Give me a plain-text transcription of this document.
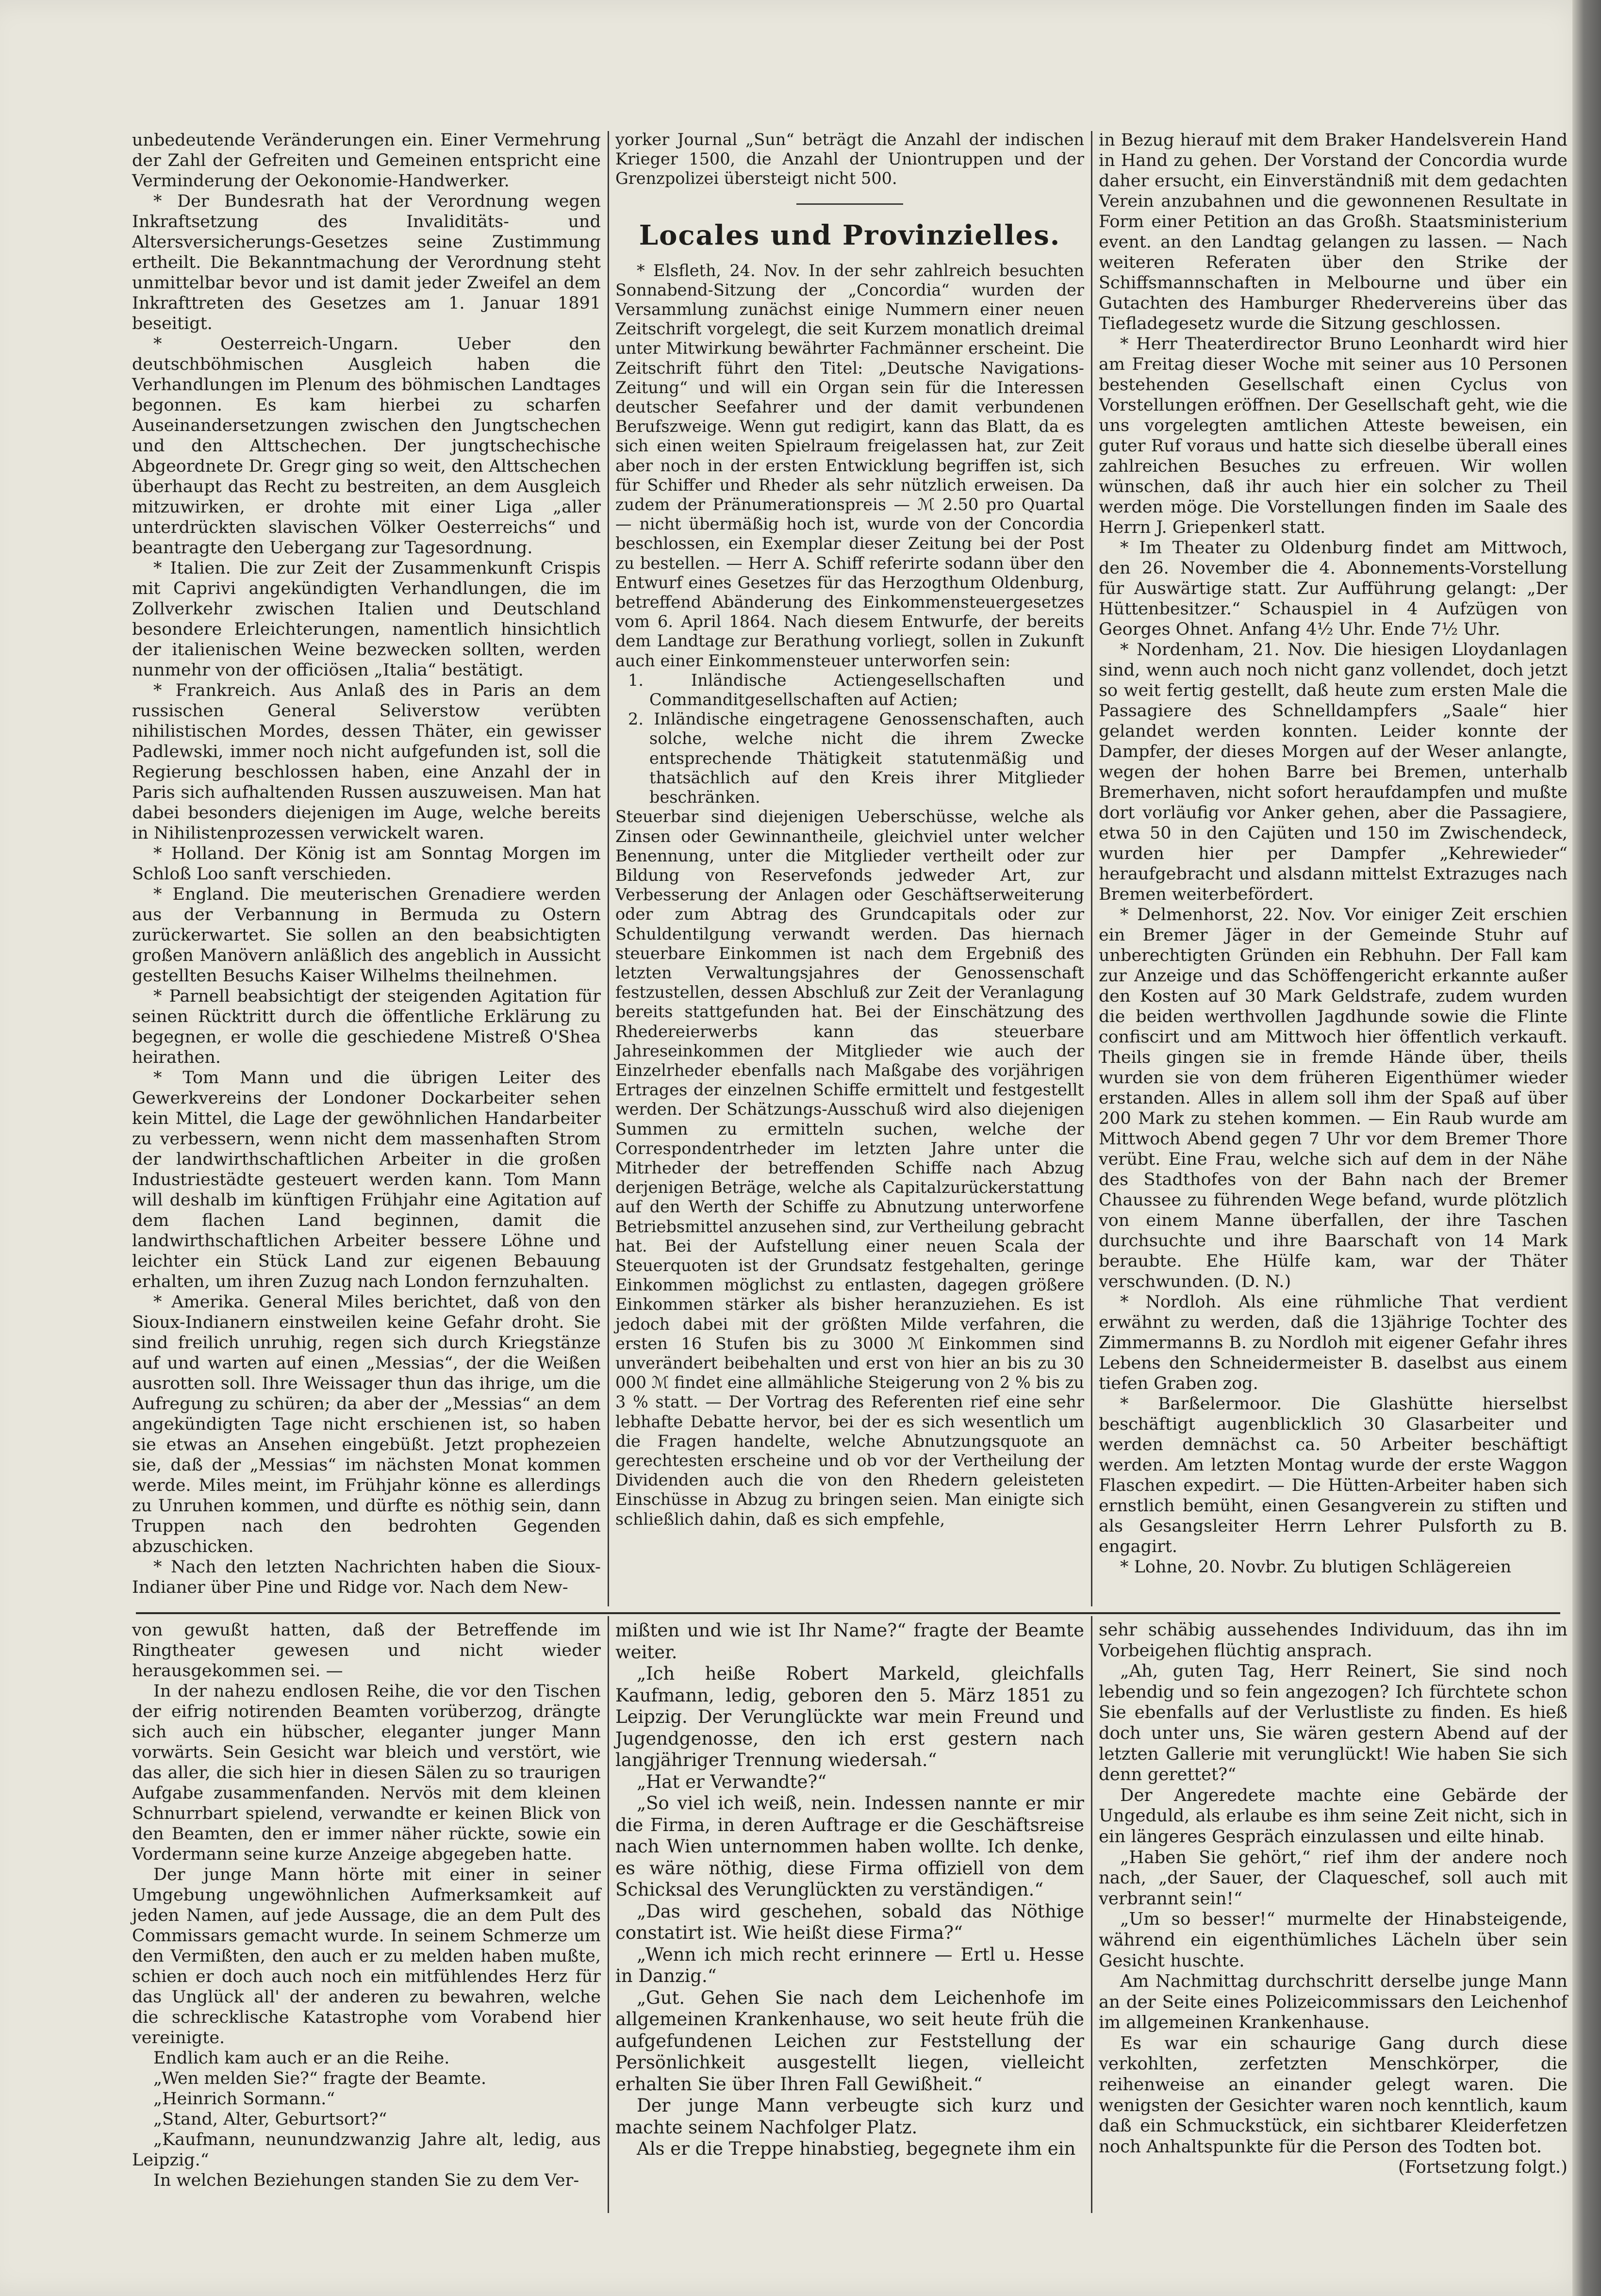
unbedeutende Veränderungen ein. Einer Vermehrung der Zahl der Gefreiten und Gemeinen entspricht eine Verminderung der Oekonomie-Handwerker.

* Der Bundesrath hat der Verordnung wegen Inkraftsetzung des Invaliditäts- und Altersversicherungs-Gesetzes seine Zustimmung ertheilt. Die Bekanntmachung der Verordnung steht unmittelbar bevor und ist damit jeder Zweifel an dem Inkrafttreten des Gesetzes am 1. Januar 1891 beseitigt.

* Oesterreich-Ungarn. Ueber den deutschböhmischen Ausgleich haben die Verhandlungen im Plenum des böhmischen Landtages begonnen. Es kam hierbei zu scharfen Auseinandersetzungen zwischen den Jungtschechen und den Alttschechen. Der jungtschechische Abgeordnete Dr. Gregr ging so weit, den Alttschechen überhaupt das Recht zu bestreiten, an dem Ausgleich mitzuwirken, er drohte mit einer Liga „aller unterdrückten slavischen Völker Oesterreichs“ und beantragte den Uebergang zur Tagesordnung.

* Italien. Die zur Zeit der Zusammenkunft Crispis mit Caprivi angekündigten Verhandlungen, die im Zollverkehr zwischen Italien und Deutschland besondere Erleichterungen, namentlich hinsichtlich der italienischen Weine bezwecken sollten, werden nunmehr von der officiösen „Italia“ bestätigt.

* Frankreich. Aus Anlaß des in Paris an dem russischen General Seliverstow verübten nihilistischen Mordes, dessen Thäter, ein gewisser Padlewski, immer noch nicht aufgefunden ist, soll die Regierung beschlossen haben, eine Anzahl der in Paris sich aufhaltenden Russen auszuweisen. Man hat dabei besonders diejenigen im Auge, welche bereits in Nihilistenprozessen verwickelt waren.

* Holland. Der König ist am Sonntag Morgen im Schloß Loo sanft verschieden.

* England. Die meuterischen Grenadiere werden aus der Verbannung in Bermuda zu Ostern zurückerwartet. Sie sollen an den beabsichtigten großen Manövern anläßlich des angeblich in Aussicht gestellten Besuchs Kaiser Wilhelms theilnehmen.

* Parnell beabsichtigt der steigenden Agitation für seinen Rücktritt durch die öffentliche Erklärung zu begegnen, er wolle die geschiedene Mistreß O'Shea heirathen.

* Tom Mann und die übrigen Leiter des Gewerkvereins der Londoner Dockarbeiter sehen kein Mittel, die Lage der gewöhnlichen Handarbeiter zu verbessern, wenn nicht dem massenhaften Strom der landwirthschaftlichen Arbeiter in die großen Industriestädte gesteuert werden kann. Tom Mann will deshalb im künftigen Frühjahr eine Agitation auf dem flachen Land beginnen, damit die landwirthschaftlichen Arbeiter bessere Löhne und leichter ein Stück Land zur eigenen Bebauung erhalten, um ihren Zuzug nach London fernzuhalten.

* Amerika. General Miles berichtet, daß von den Sioux-Indianern einstweilen keine Gefahr droht. Sie sind freilich unruhig, regen sich durch Kriegstänze auf und warten auf einen „Messias“, der die Weißen ausrotten soll. Ihre Weissager thun das ihrige, um die Aufregung zu schüren; da aber der „Messias“ an dem angekündigten Tage nicht erschienen ist, so haben sie etwas an Ansehen eingebüßt. Jetzt prophezeien sie, daß der „Messias“ im nächsten Monat kommen werde. Miles meint, im Frühjahr könne es allerdings zu Unruhen kommen, und dürfte es nöthig sein, dann Truppen nach den bedrohten Gegenden abzuschicken.

* Nach den letzten Nachrichten haben die Sioux-Indianer über Pine und Ridge vor. Nach dem New-

yorker Journal „Sun“ beträgt die Anzahl der indischen Krieger 1500, die Anzahl der Uniontruppen und der Grenzpolizei übersteigt nicht 500.

Locales und Provinzielles.

* Elsfleth, 24. Nov. In der sehr zahlreich besuchten Sonnabend-Sitzung der „Concordia“ wurden der Versammlung zunächst einige Nummern einer neuen Zeitschrift vorgelegt, die seit Kurzem monatlich dreimal unter Mitwirkung bewährter Fachmänner erscheint. Die Zeitschrift führt den Titel: „Deutsche Navigations-Zeitung“ und will ein Organ sein für die Interessen deutscher Seefahrer und der damit verbundenen Berufszweige. Wenn gut redigirt, kann das Blatt, da es sich einen weiten Spielraum freigelassen hat, zur Zeit aber noch in der ersten Entwicklung begriffen ist, sich für Schiffer und Rheder als sehr nützlich erweisen. Da zudem der Pränumerationspreis — ℳ 2.50 pro Quartal — nicht übermäßig hoch ist, wurde von der Concordia beschlossen, ein Exemplar dieser Zeitung bei der Post zu bestellen. — Herr A. Schiff referirte sodann über den Entwurf eines Gesetzes für das Herzogthum Oldenburg, betreffend Abänderung des Einkommensteuergesetzes vom 6. April 1864. Nach diesem Entwurfe, der bereits dem Landtage zur Berathung vorliegt, sollen in Zukunft auch einer Einkommensteuer unterworfen sein:

1. Inländische Actiengesellschaften und Commanditgesellschaften auf Actien;
2. Inländische eingetragene Genossenschaften, auch solche, welche nicht die ihrem Zwecke entsprechende Thätigkeit statutenmäßig und thatsächlich auf den Kreis ihrer Mitglieder beschränken.

Steuerbar sind diejenigen Ueberschüsse, welche als Zinsen oder Gewinnantheile, gleichviel unter welcher Benennung, unter die Mitglieder vertheilt oder zur Bildung von Reservefonds jedweder Art, zur Verbesserung der Anlagen oder Geschäftserweiterung oder zum Abtrag des Grundcapitals oder zur Schuldentilgung verwandt werden. Das hiernach steuerbare Einkommen ist nach dem Ergebniß des letzten Verwaltungsjahres der Genossenschaft festzustellen, dessen Abschluß zur Zeit der Veranlagung bereits stattgefunden hat. Bei der Einschätzung des Rhedereierwerbs kann das steuerbare Jahreseinkommen der Mitglieder wie auch der Einzelrheder ebenfalls nach Maßgabe des vorjährigen Ertrages der einzelnen Schiffe ermittelt und festgestellt werden. Der Schätzungs-Ausschuß wird also diejenigen Summen zu ermitteln suchen, welche der Correspondentrheder im letzten Jahre unter die Mitrheder der betreffenden Schiffe nach Abzug derjenigen Beträge, welche als Capitalzurückerstattung auf den Werth der Schiffe zu Abnutzung unterworfene Betriebsmittel anzusehen sind, zur Vertheilung gebracht hat. Bei der Aufstellung einer neuen Scala der Steuerquoten ist der Grundsatz festgehalten, geringe Einkommen möglichst zu entlasten, dagegen größere Einkommen stärker als bisher heranzuziehen. Es ist jedoch dabei mit der größten Milde verfahren, die ersten 16 Stufen bis zu 3000 ℳ Einkommen sind unverändert beibehalten und erst von hier an bis zu 30 000 ℳ findet eine allmähliche Steigerung von 2 % bis zu 3 % statt. — Der Vortrag des Referenten rief eine sehr lebhafte Debatte hervor, bei der es sich wesentlich um die Fragen handelte, welche Abnutzungsquote an gerechtesten erscheine und ob vor der Vertheilung der Dividenden auch die von den Rhedern geleisteten Einschüsse in Abzug zu bringen seien. Man einigte sich schließlich dahin, daß es sich empfehle,

in Bezug hierauf mit dem Braker Handelsverein Hand in Hand zu gehen. Der Vorstand der Concordia wurde daher ersucht, ein Einverständniß mit dem gedachten Verein anzubahnen und die gewonnenen Resultate in Form einer Petition an das Großh. Staatsministerium event. an den Landtag gelangen zu lassen. — Nach weiteren Referaten über den Strike der Schiffsmannschaften in Melbourne und über ein Gutachten des Hamburger Rhedervereins über das Tiefladegesetz wurde die Sitzung geschlossen.

* Herr Theaterdirector Bruno Leonhardt wird hier am Freitag dieser Woche mit seiner aus 10 Personen bestehenden Gesellschaft einen Cyclus von Vorstellungen eröffnen. Der Gesellschaft geht, wie die uns vorgelegten amtlichen Atteste beweisen, ein guter Ruf voraus und hatte sich dieselbe überall eines zahlreichen Besuches zu erfreuen. Wir wollen wünschen, daß ihr auch hier ein solcher zu Theil werden möge. Die Vorstellungen finden im Saale des Herrn J. Griepenkerl statt.

* Im Theater zu Oldenburg findet am Mittwoch, den 26. November die 4. Abonnements-Vorstellung für Auswärtige statt. Zur Aufführung gelangt: „Der Hüttenbesitzer.“ Schauspiel in 4 Aufzügen von Georges Ohnet. Anfang 4½ Uhr. Ende 7½ Uhr.

* Nordenham, 21. Nov. Die hiesigen Lloydanlagen sind, wenn auch noch nicht ganz vollendet, doch jetzt so weit fertig gestellt, daß heute zum ersten Male die Passagiere des Schnelldampfers „Saale“ hier gelandet werden konnten. Leider konnte der Dampfer, der dieses Morgen auf der Weser anlangte, wegen der hohen Barre bei Bremen, unterhalb Bremerhaven, nicht sofort heraufdampfen und mußte dort vorläufig vor Anker gehen, aber die Passagiere, etwa 50 in den Cajüten und 150 im Zwischendeck, wurden hier per Dampfer „Kehrewieder“ heraufgebracht und alsdann mittelst Extrazuges nach Bremen weiterbefördert.

* Delmenhorst, 22. Nov. Vor einiger Zeit erschien ein Bremer Jäger in der Gemeinde Stuhr auf unberechtigten Gründen ein Rebhuhn. Der Fall kam zur Anzeige und das Schöffengericht erkannte außer den Kosten auf 30 Mark Geldstrafe, zudem wurden die beiden werthvollen Jagdhunde sowie die Flinte confiscirt und am Mittwoch hier öffentlich verkauft. Theils gingen sie in fremde Hände über, theils wurden sie von dem früheren Eigenthümer wieder erstanden. Alles in allem soll ihm der Spaß auf über 200 Mark zu stehen kommen. — Ein Raub wurde am Mittwoch Abend gegen 7 Uhr vor dem Bremer Thore verübt. Eine Frau, welche sich auf dem in der Nähe des Stadthofes von der Bahn nach der Bremer Chaussee zu führenden Wege befand, wurde plötzlich von einem Manne überfallen, der ihre Taschen durchsuchte und ihre Baarschaft von 14 Mark beraubte. Ehe Hülfe kam, war der Thäter verschwunden. (D. N.)

* Nordloh. Als eine rühmliche That verdient erwähnt zu werden, daß die 13jährige Tochter des Zimmermanns B. zu Nordloh mit eigener Gefahr ihres Lebens den Schneidermeister B. daselbst aus einem tiefen Graben zog.

* Barßelermoor. Die Glashütte hierselbst beschäftigt augenblicklich 30 Glasarbeiter und werden demnächst ca. 50 Arbeiter beschäftigt werden. Am letzten Montag wurde der erste Waggon Flaschen expedirt. — Die Hütten-Arbeiter haben sich ernstlich bemüht, einen Gesangverein zu stiften und als Gesangsleiter Herrn Lehrer Pulsforth zu B. engagirt.

* Lohne, 20. Novbr. Zu blutigen Schlägereien

von gewußt hatten, daß der Betreffende im Ringtheater gewesen und nicht wieder herausgekommen sei. —

In der nahezu endlosen Reihe, die vor den Tischen der eifrig notirenden Beamten vorüberzog, drängte sich auch ein hübscher, eleganter junger Mann vorwärts. Sein Gesicht war bleich und verstört, wie das aller, die sich hier in diesen Sälen zu so traurigen Aufgabe zusammenfanden. Nervös mit dem kleinen Schnurrbart spielend, verwandte er keinen Blick von den Beamten, den er immer näher rückte, sowie ein Vordermann seine kurze Anzeige abgegeben hatte.

Der junge Mann hörte mit einer in seiner Umgebung ungewöhnlichen Aufmerksamkeit auf jeden Namen, auf jede Aussage, die an dem Pult des Commissars gemacht wurde. In seinem Schmerze um den Vermißten, den auch er zu melden haben mußte, schien er doch auch noch ein mitfühlendes Herz für das Unglück all' der anderen zu bewahren, welche die schrecklische Katastrophe vom Vorabend hier vereinigte.

Endlich kam auch er an die Reihe.

„Wen melden Sie?“ fragte der Beamte.

„Heinrich Sormann.“

„Stand, Alter, Geburtsort?“

„Kaufmann, neunundzwanzig Jahre alt, ledig, aus Leipzig.“

In welchen Beziehungen standen Sie zu dem Ver-

mißten und wie ist Ihr Name?“ fragte der Beamte weiter.

„Ich heiße Robert Markeld, gleichfalls Kaufmann, ledig, geboren den 5. März 1851 zu Leipzig. Der Verunglückte war mein Freund und Jugendgenosse, den ich erst gestern nach langjähriger Trennung wiedersah.“

„Hat er Verwandte?“

„So viel ich weiß, nein. Indessen nannte er mir die Firma, in deren Auftrage er die Geschäftsreise nach Wien unternommen haben wollte. Ich denke, es wäre nöthig, diese Firma offiziell von dem Schicksal des Verunglückten zu verständigen.“

„Das wird geschehen, sobald das Nöthige constatirt ist. Wie heißt diese Firma?“

„Wenn ich mich recht erinnere — Ertl u. Hesse in Danzig.“

„Gut. Gehen Sie nach dem Leichenhofe im allgemeinen Krankenhause, wo seit heute früh die aufgefundenen Leichen zur Feststellung der Persönlichkeit ausgestellt liegen, vielleicht erhalten Sie über Ihren Fall Gewißheit.“

Der junge Mann verbeugte sich kurz und machte seinem Nachfolger Platz.

Als er die Treppe hinabstieg, begegnete ihm ein

sehr schäbig aussehendes Individuum, das ihn im Vorbeigehen flüchtig ansprach.

„Ah, guten Tag, Herr Reinert, Sie sind noch lebendig und so fein angezogen? Ich fürchtete schon Sie ebenfalls auf der Verlustliste zu finden. Es hieß doch unter uns, Sie wären gestern Abend auf der letzten Gallerie mit verunglückt! Wie haben Sie sich denn gerettet?“

Der Angeredete machte eine Gebärde der Ungeduld, als erlaube es ihm seine Zeit nicht, sich in ein längeres Gespräch einzulassen und eilte hinab.

„Haben Sie gehört,“ rief ihm der andere noch nach, „der Sauer, der Claqueschef, soll auch mit verbrannt sein!“

„Um so besser!“ murmelte der Hinabsteigende, während ein eigenthümliches Lächeln über sein Gesicht huschte.

Am Nachmittag durchschritt derselbe junge Mann an der Seite eines Polizeicommissars den Leichenhof im allgemeinen Krankenhause.

Es war ein schaurige Gang durch diese verkohlten, zerfetzten Menschkörper, die reihenweise an einander gelegt waren. Die wenigsten der Gesichter waren noch kenntlich, kaum daß ein Schmuckstück, ein sichtbarer Kleiderfetzen noch Anhaltspunkte für die Person des Todten bot.

(Fortsetzung folgt.)
